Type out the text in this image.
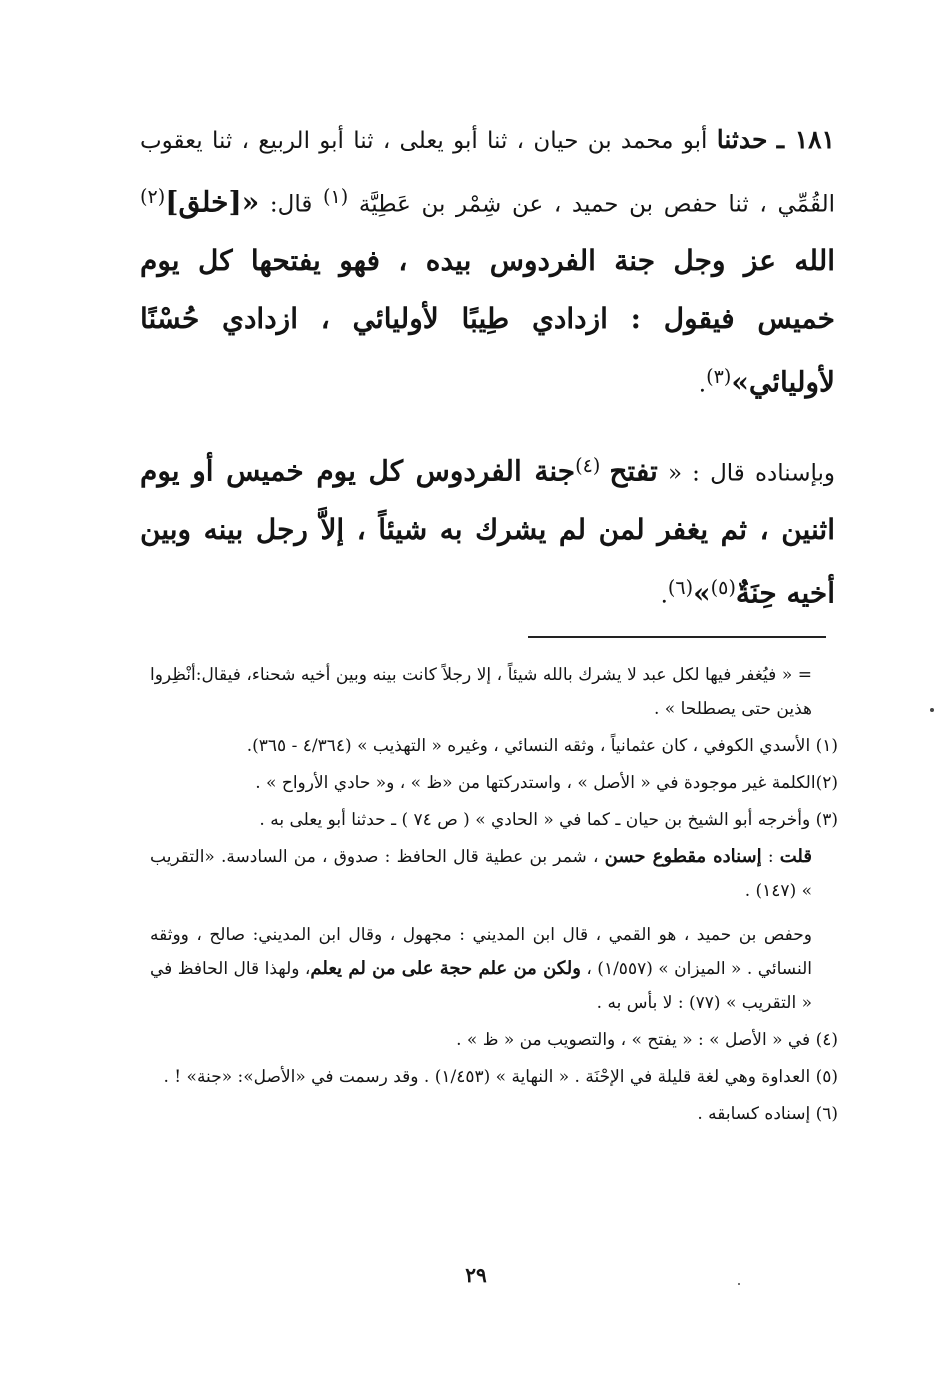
١٨١ ـ حدثنا أبو محمد بن حيان ، ثنا أبو يعلى ، ثنا أبو الربيع ، ثنا يعقوب القُمِّي ، ثنا حفص بن حميد ، عن شِمْر بن عَطِيَّة $^{(١)}$ قال: «[خلق]$^{(٢)}$ الله عز وجل جنة الفردوس بيده ، فهو يفتحها كل يوم خميس فيقول : ازدادي طِيبًا لأوليائي ، ازدادي حُسْنًا لأوليائي»$^{(٣)}$.

وبإسناده قال : « تفتح $^{(٤)}$جنة الفردوس كل يوم خميس أو يوم اثنين ، ثم يغفر لمن لم يشرك به شيئاً ، إلاَّ رجل بينه وبين أخيه حِنَةٌ$^{(٥)}$»$^{(٦)}$.

= « فيُغفر فيها لكل عبد لا يشرك بالله شيئاً ، إلا رجلاً كانت بينه وبين أخيه شحناء، فيقال:أنْظِروا هذين حتى يصطلحا » .

(١) الأسدي الكوفي ، كان عثمانياً ، وثقه النسائي ، وغيره « التهذيب » (٤/٣٦٤ - ٣٦٥).

(٢)الكلمة غير موجودة في « الأصل » ، واستدركتها من «ظ » ، و« حادي الأرواح » .

(٣) وأخرجه أبو الشيخ بن حيان ـ كما في « الحادي » ( ص ٧٤ ) ـ حدثنا أبو يعلى به .

قلت : إسناده مقطوع حسن ، شمر بن عطية قال الحافظ : صدوق ، من السادسة. «التقريب » (١٤٧) .

وحفص بن حميد ، هو القمي ، قال ابن المديني : مجهول ، وقال ابن المديني: صالح ، ووثقه النسائي . « الميزان » (١/٥٥٧) ، ولكن من علم حجة على من لم يعلم، ولهذا قال الحافظ في « التقريب » (٧٧) : لا بأس به .

(٤) في « الأصل » : « يفتح » ، والتصويب من « ظ » .

(٥) العداوة وهي لغة قليلة في الإحْنَة . « النهاية » (١/٤٥٣) . وقد رسمت في «الأصل»: «جنة» ! .

(٦) إسناده كسابقه .

٢٩
